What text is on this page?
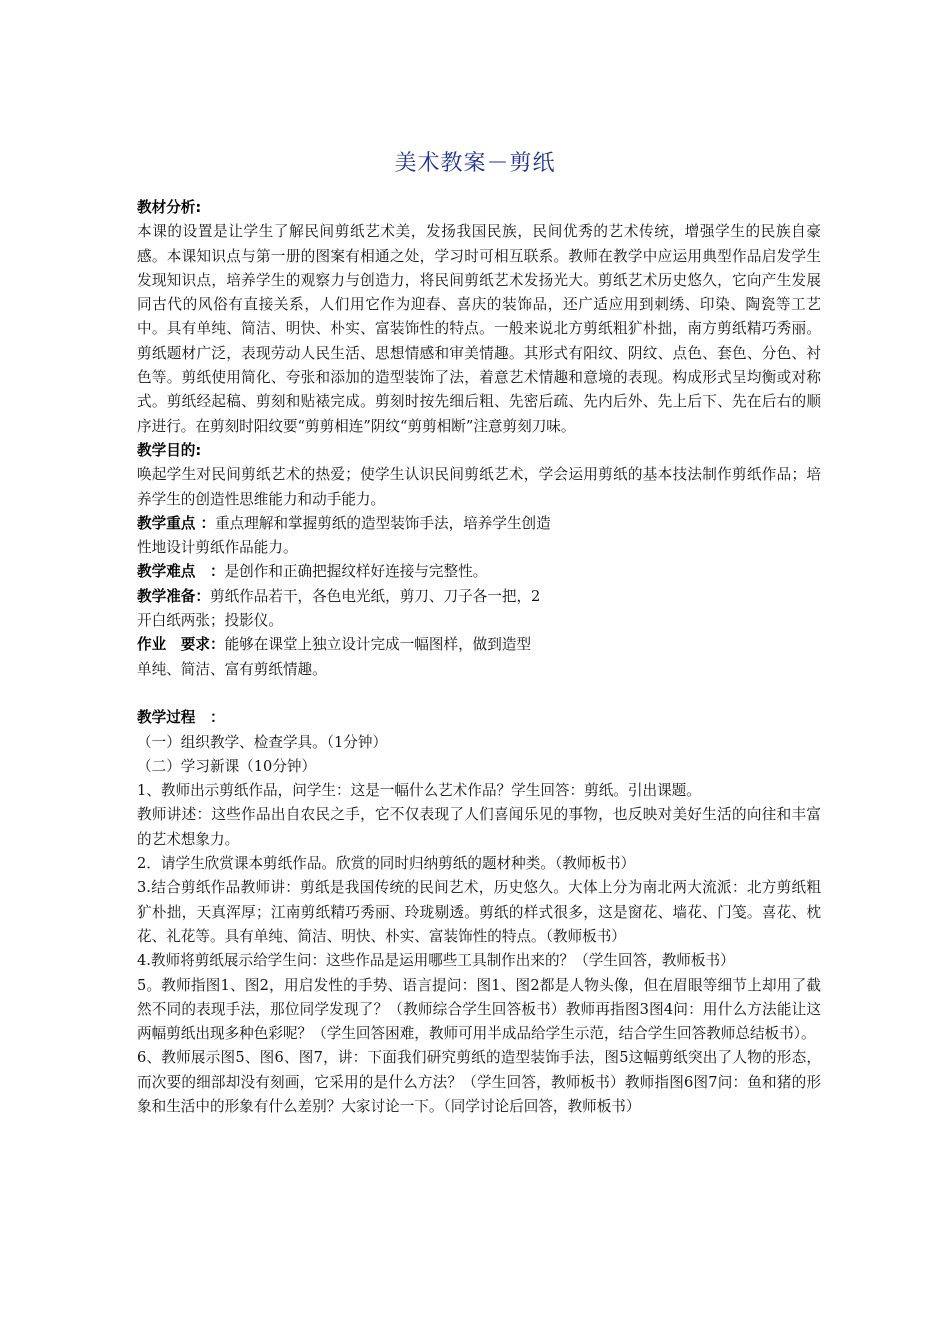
美术教案－剪纸

教材分析:

本课的设置是让学生了解民间剪纸艺术美，发扬我国民族，民间优秀的艺术传统，增强学生的民族自豪感。本课知识点与第一册的图案有相通之处，学习时可相互联系。教师在教学中应运用典型作品启发学生发现知识点，培养学生的观察力与创造力，将民间剪纸艺术发扬光大。剪纸艺术历史悠久，它向产生发展同古代的风俗有直接关系，人们用它作为迎春、喜庆的装饰品，还广适应用到刺绣、印染、陶瓷等工艺中。具有单纯、简洁、明快、朴实、富装饰性的特点。一般来说北方剪纸粗犷朴拙，南方剪纸精巧秀丽。剪纸题材广泛，表现劳动人民生活、思想情感和审美情趣。其形式有阳纹、阴纹、点色、套色、分色、衬色等。剪纸使用简化、夸张和添加的造型装饰了法，着意艺术情趣和意境的表现。构成形式呈均衡或对称式。剪纸经起稿、剪刻和贴裱完成。剪刻时按先细后粗、先密后疏、先内后外、先上后下、先在后右的顺序进行。在剪刻时阳纹要“剪剪相连”阴纹“剪剪相断”注意剪刻刀味。

教学目的:

唤起学生对民间剪纸艺术的热爱；使学生认识民间剪纸艺术，学会运用剪纸的基本技法制作剪纸作品；培养学生的创造性思维能力和动手能力。

教学重点 ：重点理解和掌握剪纸的造型装饰手法，培养学生创造

性地设计剪纸作品能力。

教学难点　：是创作和正确把握纹样好连接与完整性。

教学准备：剪纸作品若干，各色电光纸，剪刀、刀子各一把，2

开白纸两张；投影仪。

作业　要求：能够在课堂上独立设计完成一幅图样，做到造型

单纯、简洁、富有剪纸情趣。

教学过程　：

（一）组织教学、检查学具。（1分钟）

（二）学习新课（10分钟）

1、教师出示剪纸作品，问学生：这是一幅什么艺术作品？学生回答：剪纸。引出课题。

教师讲述：这些作品出自农民之手，它不仅表现了人们喜闻乐见的事物，也反映对美好生活的向往和丰富的艺术想象力。

2．请学生欣赏课本剪纸作品。欣赏的同时归纳剪纸的题材种类。（教师板书）

3.结合剪纸作品教师讲：剪纸是我国传统的民间艺术，历史悠久。大体上分为南北两大流派：北方剪纸粗犷朴拙，天真浑厚；江南剪纸精巧秀丽、玲珑剔透。剪纸的样式很多，这是窗花、墙花、门笺。喜花、枕花、礼花等。具有单纯、简洁、明快、朴实、富装饰性的特点。（教师板书）

4.教师将剪纸展示给学生问：这些作品是运用哪些工具制作出来的？（学生回答，教师板书）

5。教师指图1、图2，用启发性的手势、语言提问：图1、图2都是人物头像，但在眉眼等细节上却用了截然不同的表现手法，那位同学发现了？（教师综合学生回答板书）教师再指图3图4问：用什么方法能让这两幅剪纸出现多种色彩呢？（学生回答困难，教师可用半成品给学生示范，结合学生回答教师总结板书）。

6、教师展示图5、图6、图7，讲：下面我们研究剪纸的造型装饰手法，图5这幅剪纸突出了人物的形态，而次要的细部却没有刻画，它采用的是什么方法？（学生回答，教师板书）教师指图6图7问：鱼和猪的形象和生活中的形象有什么差别？大家讨论一下。（同学讨论后回答，教师板书）
